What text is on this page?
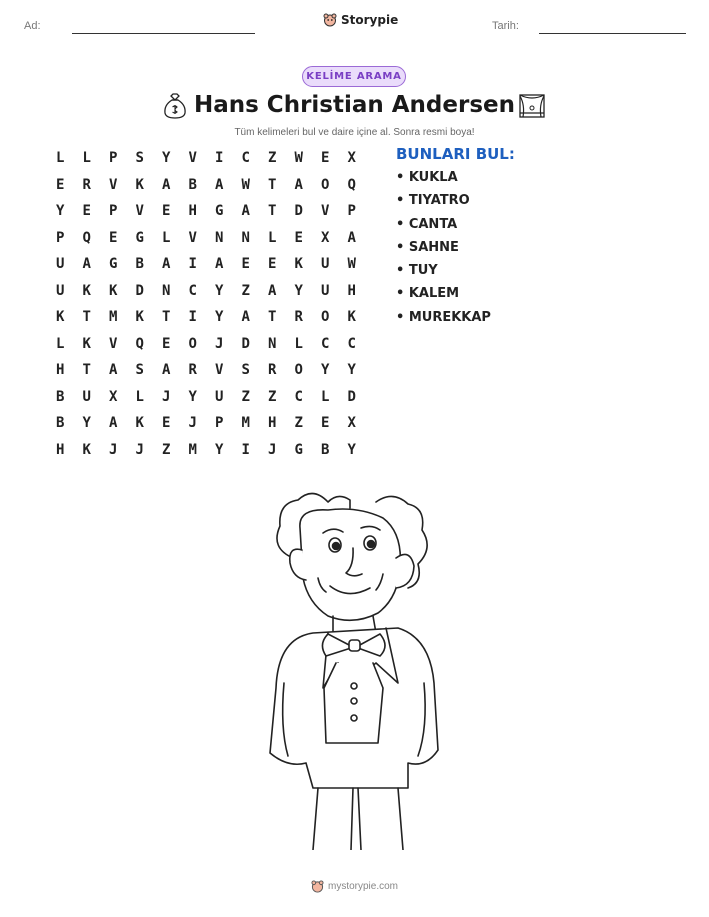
Ad:	Storypie	Tarih:
KELİME ARAMA
Hans Christian Andersen
Tüm kelimeleri bul ve daire içine al. Sonra resmi boya!
L	L	P	S	Y	V	I	C	Z	W	E	X
E	R	V	K	A	B	A	W	T	A	O	Q
Y	E	P	V	E	H	G	A	T	D	V	P
P	Q	E	G	L	V	N	N	L	E	X	A
U	A	G	B	A	I	A	E	E	K	U	W
U	K	K	D	N	C	Y	Z	A	Y	U	H
K	T	M	K	T	I	Y	A	T	R	O	K
L	K	V	Q	E	O	J	D	N	L	C	C
H	T	A	S	A	R	V	S	R	O	Y	Y
B	U	X	L	J	Y	U	Z	Z	C	L	D
B	Y	A	K	E	J	P	M	H	Z	E	X
H	K	J	J	Z	M	Y	I	J	G	B	Y
BUNLARI BUL:
• KUKLA
• TIYATRO
• CANTA
• SAHNE
• TUY
• KALEM
• MUREKKAP
mystorypie.com
